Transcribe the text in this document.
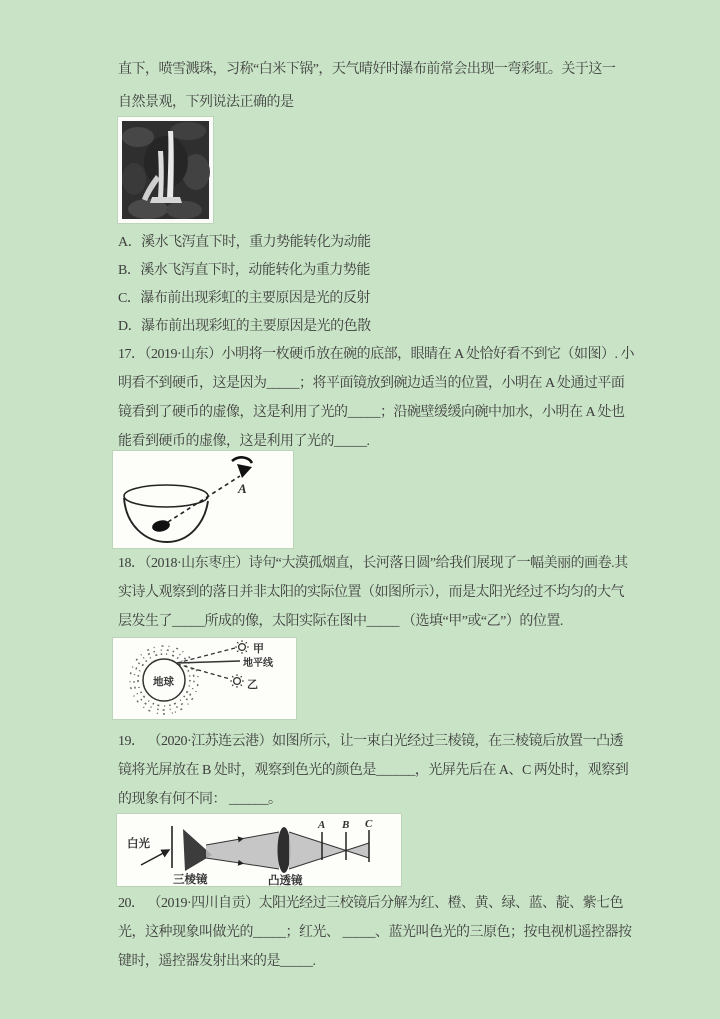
直下，喷雪溅珠，习称“白米下锅”，天气晴好时瀑布前常会出现一弯彩虹。关于这一
自然景观，下列说法正确的是
A．溪水飞泻直下时，重力势能转化为动能
B．溪水飞泻直下时，动能转化为重力势能
C．瀑布前出现彩虹的主要原因是光的反射
D．瀑布前出现彩虹的主要原因是光的色散
17．（2019·山东）小明将一枚硬币放在碗的底部，眼睛在 A 处恰好看不到它（如图）. 小
明看不到硬币，这是因为_____；将平面镜放到碗边适当的位置，小明在 A 处通过平面
镜看到了硬币的虚像，这是利用了光的_____；沿碗壁缓缓向碗中加水，小明在 A 处也
能看到硬币的虚像，这是利用了光的_____.
A
18．（2018·山东枣庄）诗句“大漠孤烟直，长河落日圆”给我们展现了一幅美丽的画卷.其
实诗人观察到的落日并非太阳的实际位置（如图所示），而是太阳光经过不均匀的大气
层发生了_____所成的像，太阳实际在图中_____ （选填“甲”或“乙”）的位置.
地球
甲
地平线
乙
19． （2020·江苏连云港）如图所示，让一束白光经过三棱镜，在三棱镜后放置一凸透
镜将光屏放在 B 处时，观察到色光的颜色是______，光屏先后在 A、C 两处时，观察到
的现象有何不同： ______。
白光
A B C
三棱镜	凸透镜
20． （2019·四川自贡）太阳光经过三校镜后分解为红、橙、黄、绿、蓝、靛、紫七色
光，这种现象叫做光的_____；红光、 _____、蓝光叫色光的三原色；按电视机遥控器按
键时，遥控器发射出来的是_____.
